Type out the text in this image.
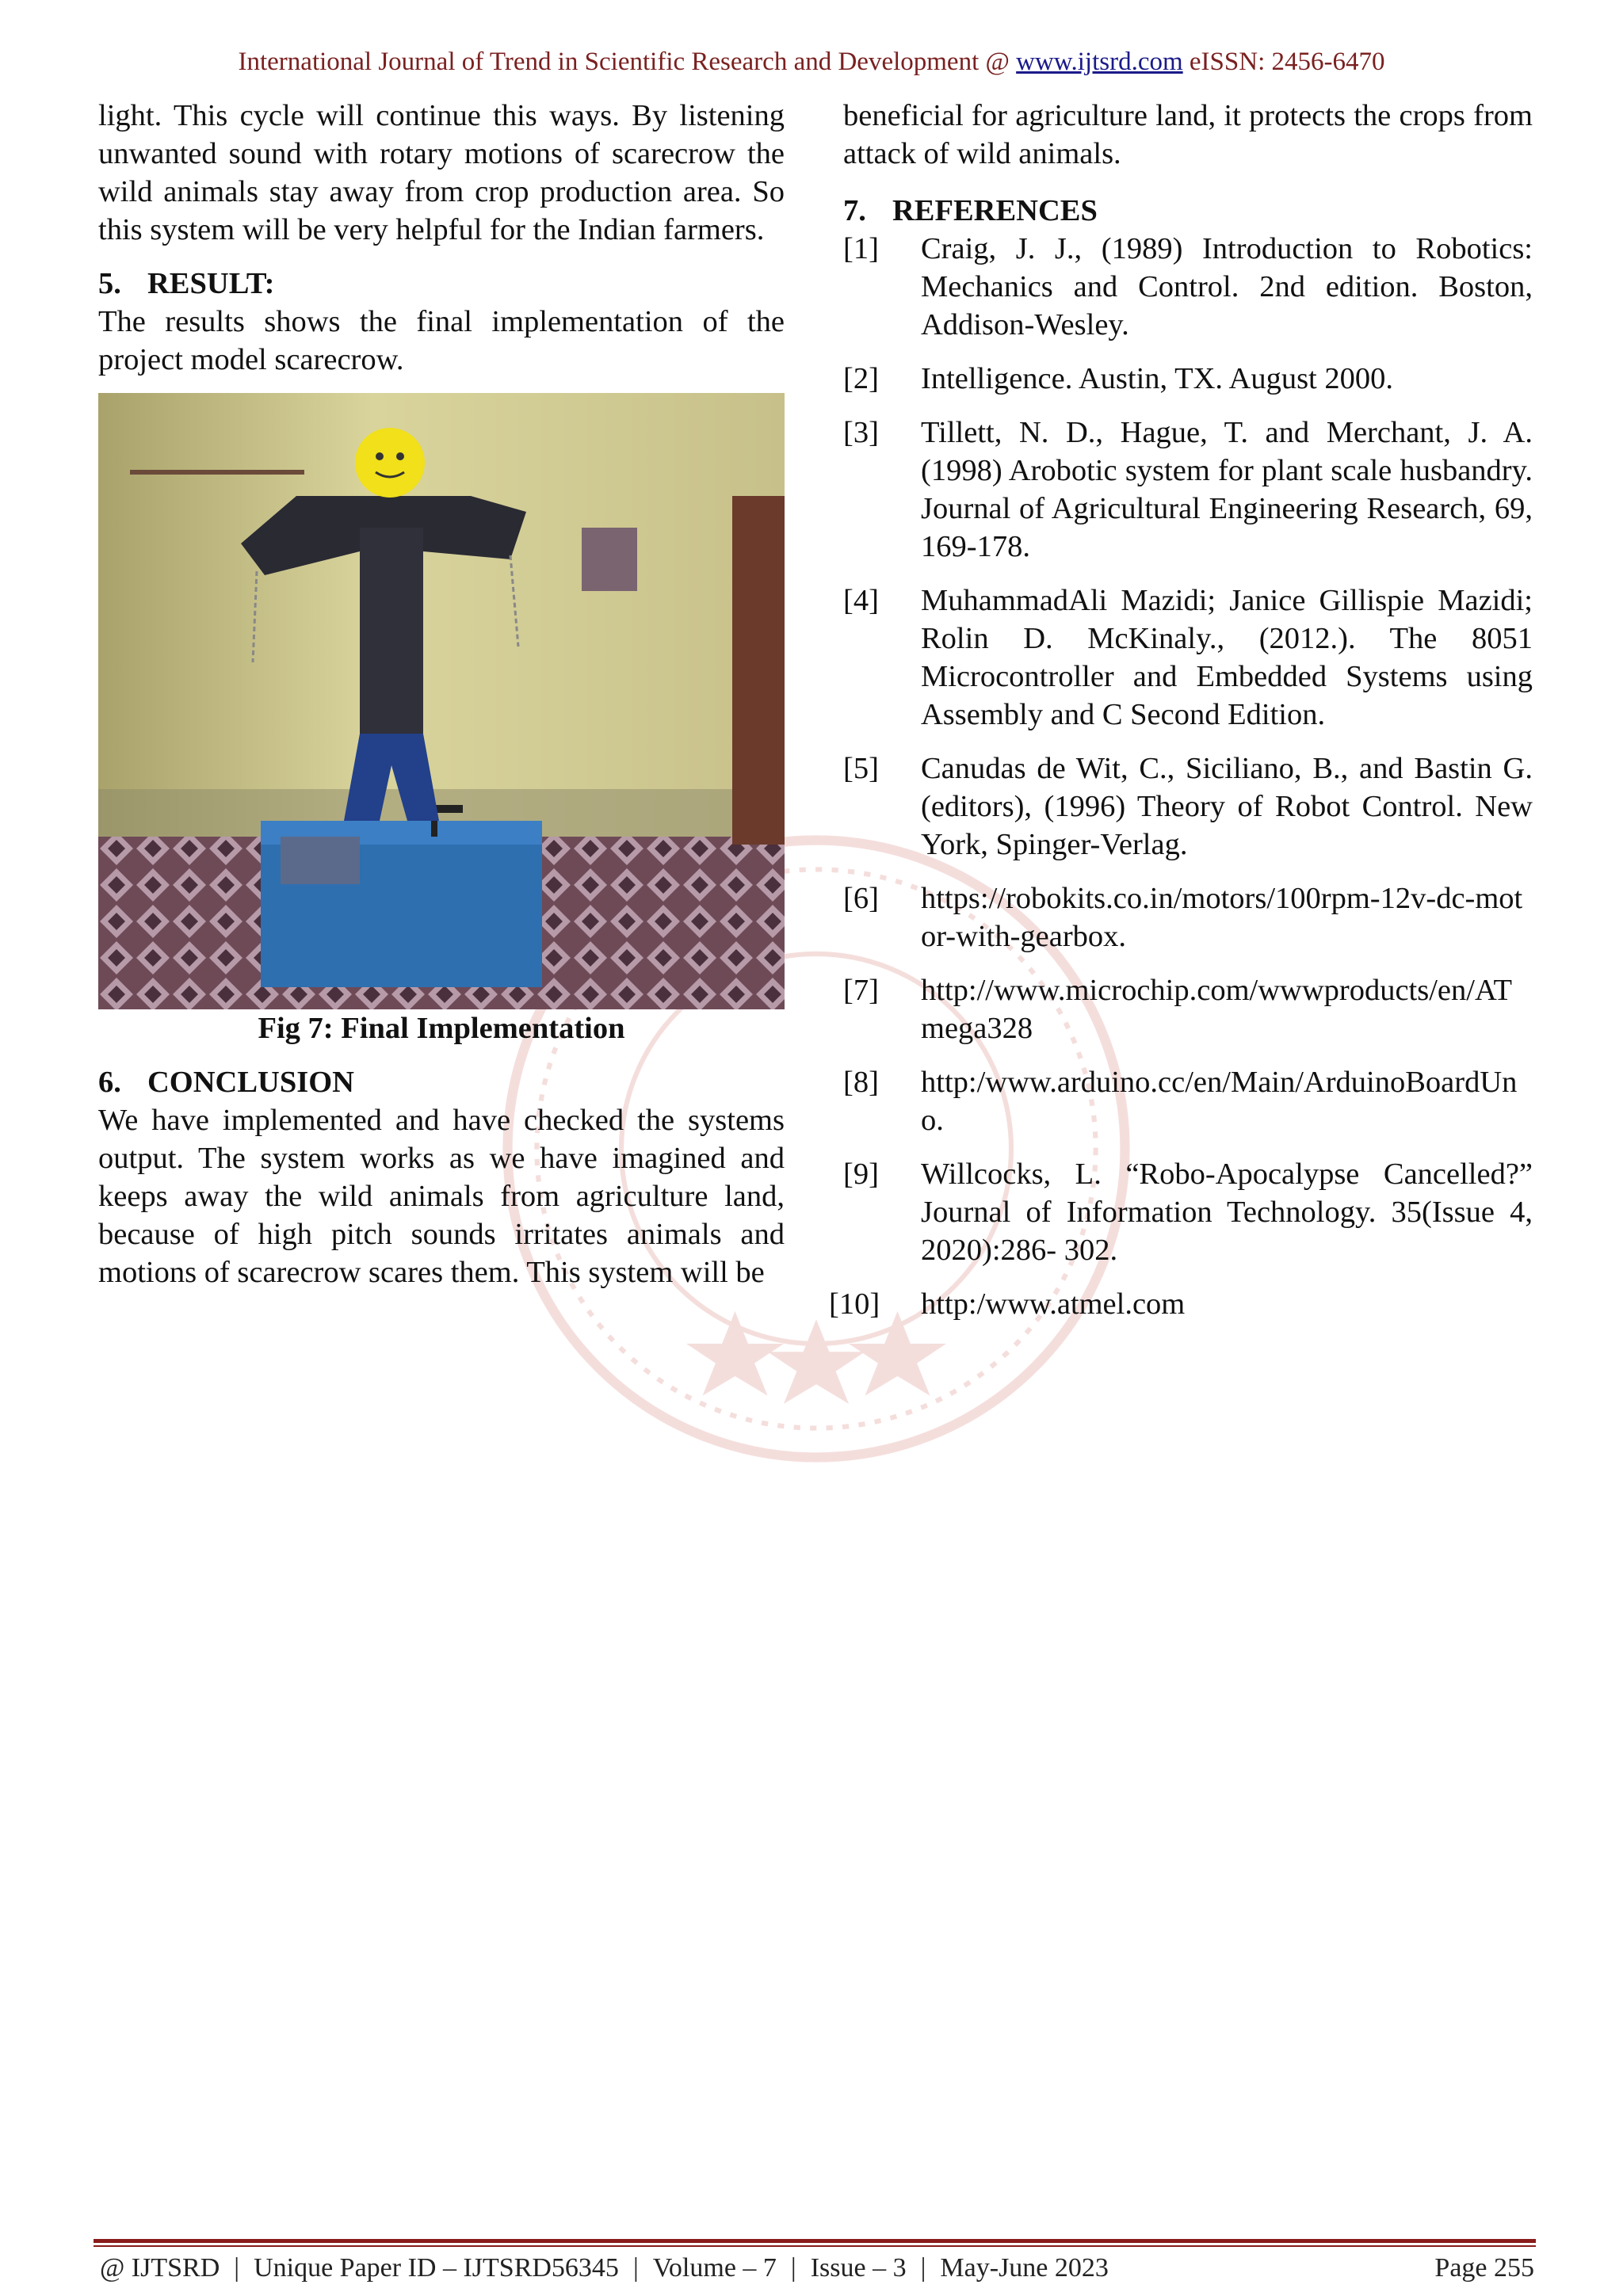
International Journal of Trend in Scientific Research and Development @ www.ijtsrd.com eISSN: 2456-6470

light. This cycle will continue this ways. By listening unwanted sound with rotary motions of scarecrow the wild animals stay away from crop production area. So this system will be very helpful for the Indian farmers.

5. RESULT:

The results shows the final implementation of the project model scarecrow.

Fig 7: Final Implementation

6. CONCLUSION

We have implemented and have checked the systems output. The system works as we have imagined and keeps away the wild animals from agriculture land, because of high pitch sounds irritates animals and motions of scarecrow scares them. This system will be

beneficial for agriculture land, it protects the crops from attack of wild animals.

7. REFERENCES

[1]	Craig, J. J., (1989) Introduction to Robotics: Mechanics and Control. 2nd edition. Boston, Addison-Wesley.
[2]	Intelligence. Austin, TX. August 2000.
[3]	Tillett, N. D., Hague, T. and Merchant, J. A. (1998) Arobotic system for plant scale husbandry. Journal of Agricultural Engineering Research, 69, 169-178.
[4]	MuhammadAli Mazidi; Janice Gillispie Mazidi; Rolin D. McKinaly., (2012.). The 8051 Microcontroller and Embedded Systems using Assembly and C Second Edition.
[5]	Canudas de Wit, C., Siciliano, B., and Bastin G. (editors), (1996) Theory of Robot Control. New York, Spinger-Verlag.
[6]	https://robokits.co.in/motors/100rpm-12v-dc-motor-with-gearbox.
[7]	http://www.microchip.com/wwwproducts/en/ATmega328
[8]	http:/www.arduino.cc/en/Main/ArduinoBoardUno.
[9]	Willcocks, L. “Robo-Apocalypse Cancelled?” Journal of Information Technology. 35(Issue 4, 2020):286- 302.
[10]	http:/www.atmel.com
@ IJTSRD | Unique Paper ID – IJTSRD56345 | Volume – 7 | Issue – 3 | May-June 2023	Page 255
